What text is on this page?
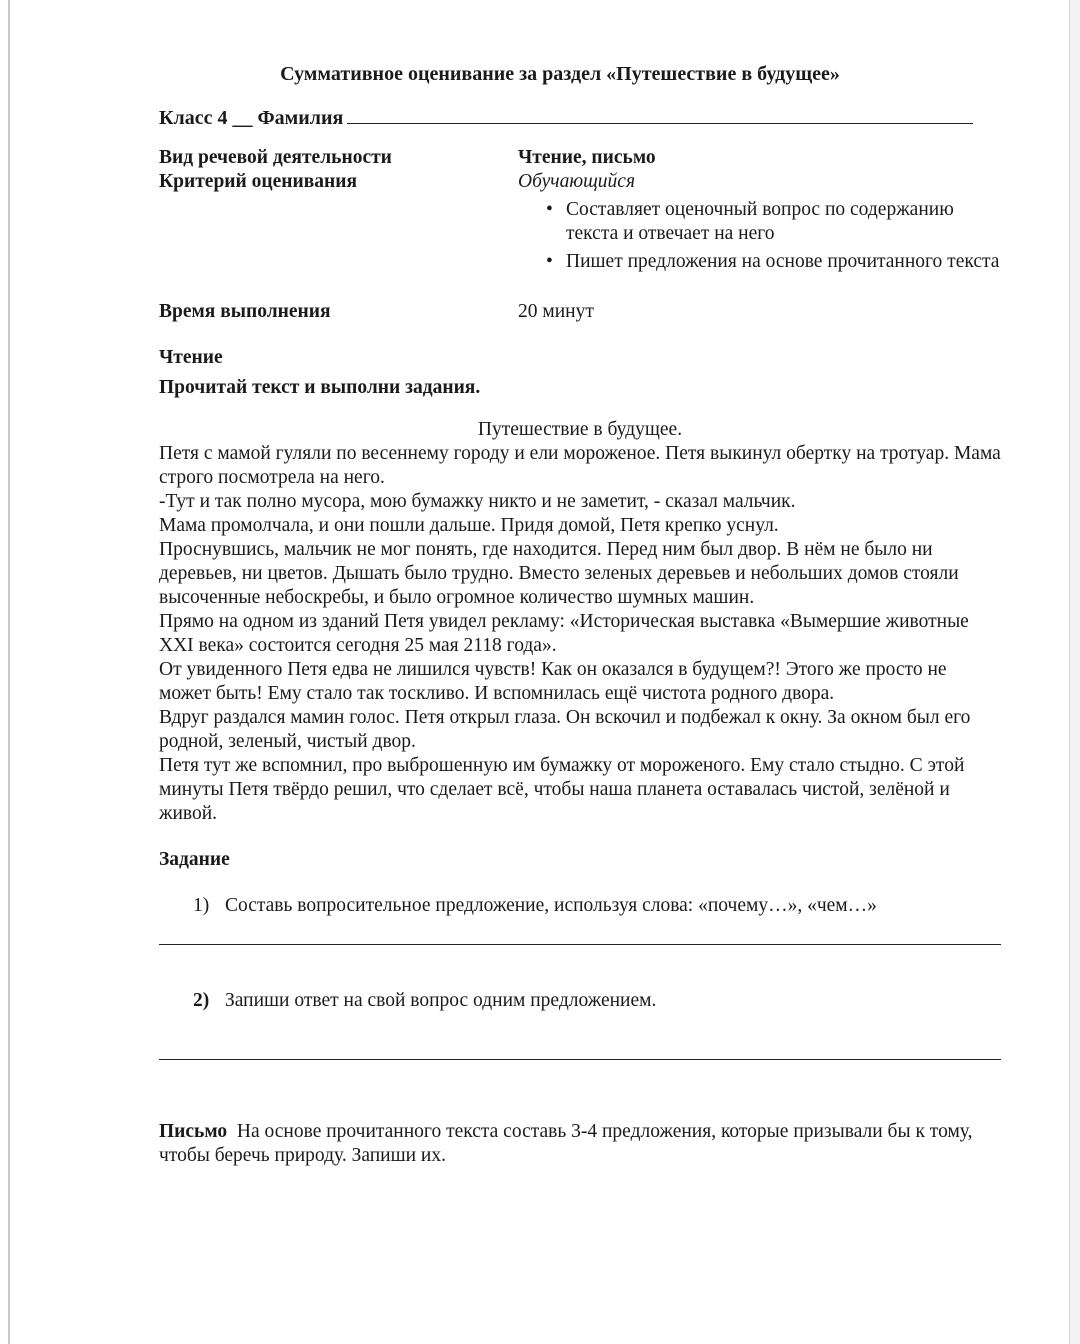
Суммативное оценивание за раздел «Путешествие в будущее»
Класс 4 __ Фамилия
Вид речевой деятельности	Чтение, письмо
Критерий оценивания	Обучающийся
• Составляет оценочный вопрос по содержанию текста и отвечает на него
• Пишет предложения на основе прочитанного текста
Время выполнения	20 минут
Чтение
Прочитай текст и выполни задания.
Путешествие в будущее.

Петя с мамой гуляли по весеннему городу и ели мороженое. Петя выкинул обертку на тротуар. Мама строго посмотрела на него.

-Тут и так полно мусора, мою бумажку никто и не заметит, - сказал мальчик.

Мама промолчала, и они пошли дальше. Придя домой, Петя крепко уснул.

Проснувшись, мальчик не мог понять, где находится. Перед ним был двор. В нём не было ни деревьев, ни цветов. Дышать было трудно. Вместо зеленых деревьев и небольших домов стояли высоченные небоскребы, и было огромное количество шумных машин.

Прямо на одном из зданий Петя увидел рекламу: «Историческая выставка «Вымершие животные XXI века» состоится сегодня 25 мая 2118 года».

От увиденного Петя едва не лишился чувств! Как он оказался в будущем?! Этого же просто не может быть! Ему стало так тоскливо. И вспомнилась ещё чистота родного двора.

Вдруг раздался мамин голос. Петя открыл глаза. Он вскочил и подбежал к окну. За окном был его родной, зеленый, чистый двор.

Петя тут же вспомнил, про выброшенную им бумажку от мороженого. Ему стало стыдно. С этой минуты Петя твёрдо решил, что сделает всё, чтобы наша планета оставалась чистой, зелёной и живой.

Задание
1) Составь вопросительное предложение, используя слова: «почему…», «чем…»
2) Запиши ответ на свой вопрос одним предложением.
Письмо На основе прочитанного текста составь 3-4 предложения, которые призывали бы к тому, чтобы беречь природу. Запиши их.
